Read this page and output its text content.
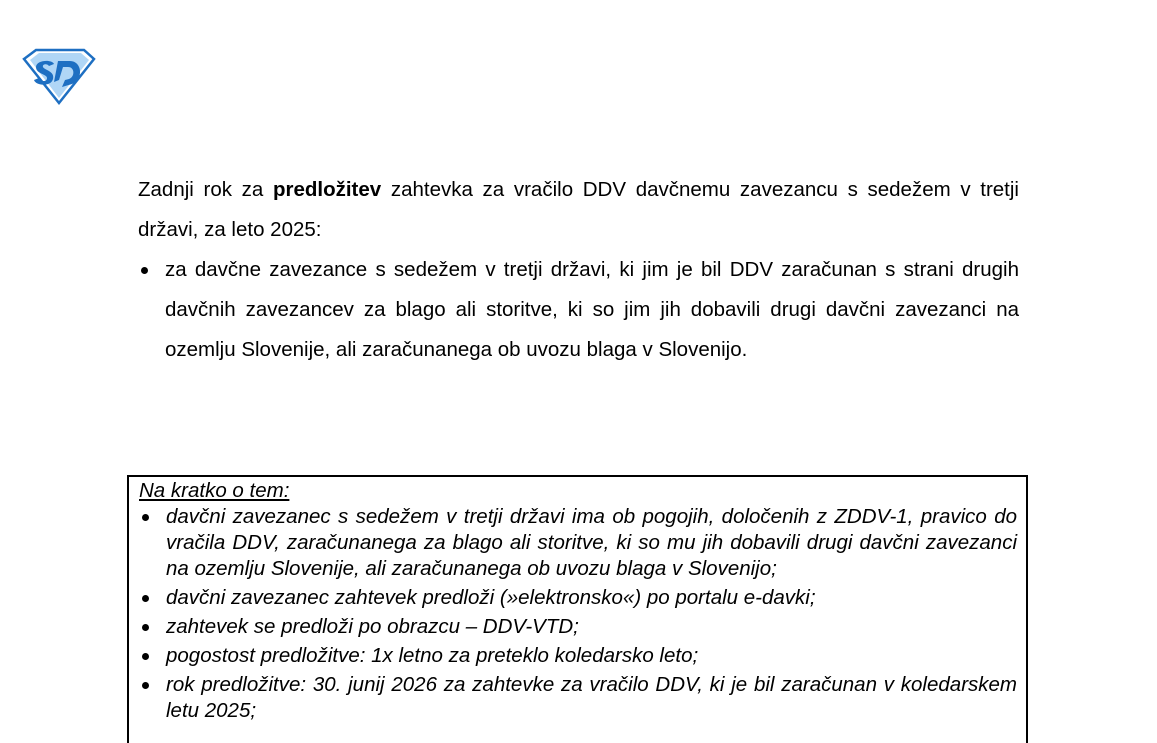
Zadnji rok za predložitev zahtevka za vračilo DDV davčnemu zavezancu s sedežem v tretji državi, za leto 2025:

za davčne zavezance s sedežem v tretji državi, ki jim je bil DDV zaračunan s strani drugih davčnih zavezancev za blago ali storitve, ki so jim jih dobavili drugi davčni zavezanci na ozemlju Slovenije, ali zaračunanega ob uvozu blaga v Slovenijo.

Na kratko o tem:

davčni zavezanec s sedežem v tretji državi ima ob pogojih, določenih z ZDDV-1, pravico do vračila DDV, zaračunanega za blago ali storitve, ki so mu jih dobavili drugi davčni zavezanci na ozemlju Slovenije, ali zaračunanega ob uvozu blaga v Slovenijo;
davčni zavezanec zahtevek predloži (»elektronsko«) po portalu e-davki;
zahtevek se predloži po obrazcu – DDV-VTD;
pogostost predložitve: 1x letno za preteklo koledarsko leto;
rok predložitve: 30. junij 2026 za zahtevke za vračilo DDV, ki je bil zaračunan v koledarskem letu 2025;
